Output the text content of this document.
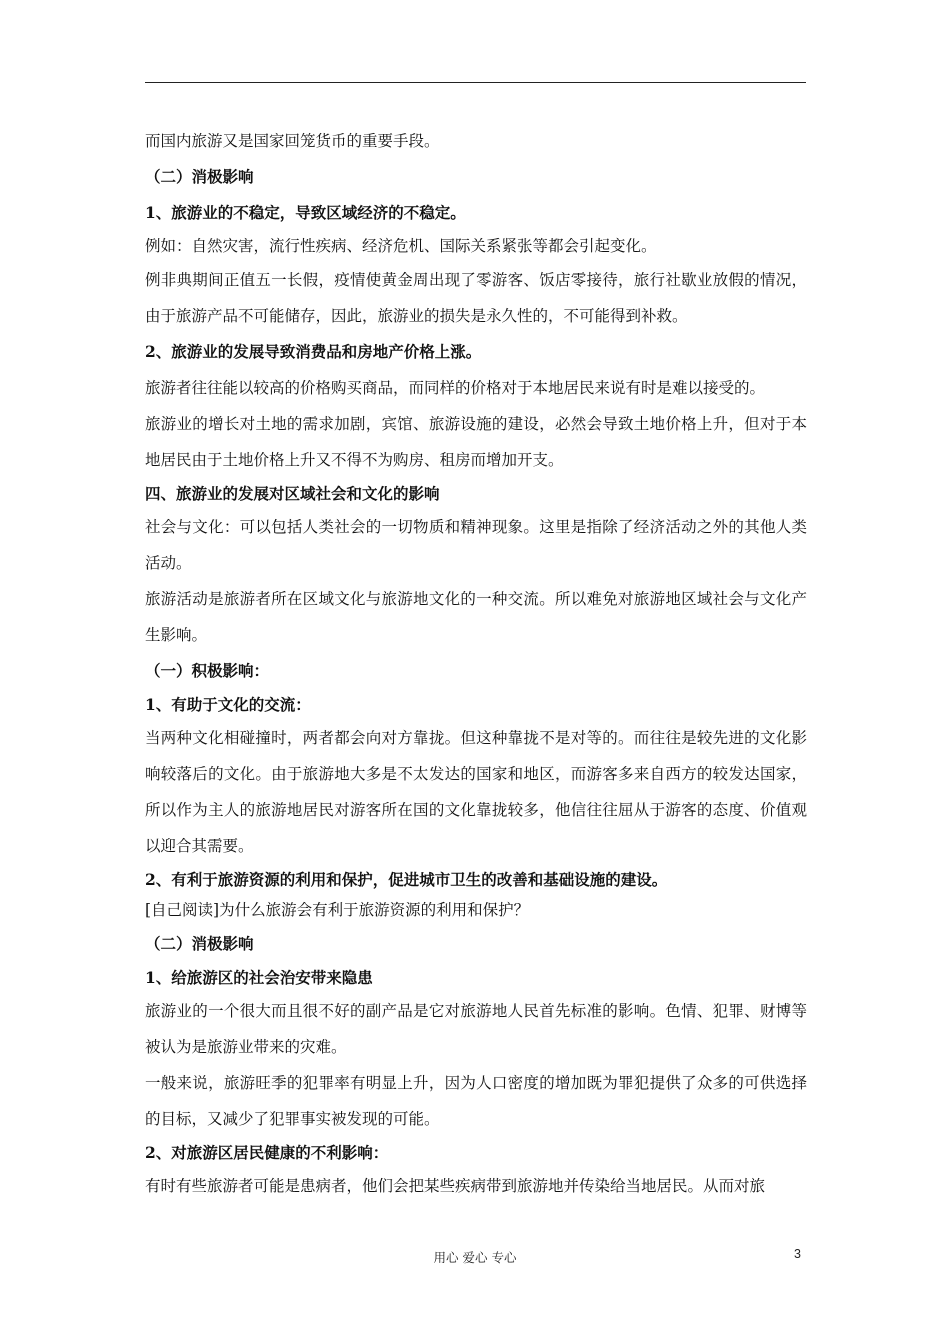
而国内旅游又是国家回笼货币的重要手段。

（二）消极影响

1、旅游业的不稳定，导致区域经济的不稳定。

例如：自然灾害，流行性疾病、经济危机、国际关系紧张等都会引起变化。

例非典期间正值五一长假，疫情使黄金周出现了零游客、饭店零接待，旅行社歇业放假的情况，由于旅游产品不可能储存，因此，旅游业的损失是永久性的，不可能得到补救。

2、旅游业的发展导致消费品和房地产价格上涨。

旅游者往往能以较高的价格购买商品，而同样的价格对于本地居民来说有时是难以接受的。

旅游业的增长对土地的需求加剧，宾馆、旅游设施的建设，必然会导致土地价格上升，但对于本地居民由于土地价格上升又不得不为购房、租房而增加开支。

四、旅游业的发展对区域社会和文化的影响

社会与文化：可以包括人类社会的一切物质和精神现象。这里是指除了经济活动之外的其他人类活动。

旅游活动是旅游者所在区域文化与旅游地文化的一种交流。所以难免对旅游地区域社会与文化产生影响。

（一）积极影响：

1、有助于文化的交流：

当两种文化相碰撞时，两者都会向对方靠拢。但这种靠拢不是对等的。而往往是较先进的文化影响较落后的文化。由于旅游地大多是不太发达的国家和地区，而游客多来自西方的较发达国家，所以作为主人的旅游地居民对游客所在国的文化靠拢较多，他信往往屈从于游客的态度、价值观以迎合其需要。

2、有利于旅游资源的利用和保护，促进城市卫生的改善和基础设施的建设。

[自己阅读]为什么旅游会有利于旅游资源的利用和保护？

（二）消极影响

1、给旅游区的社会治安带来隐患

旅游业的一个很大而且很不好的副产品是它对旅游地人民首先标准的影响。色情、犯罪、财博等被认为是旅游业带来的灾难。

一般来说，旅游旺季的犯罪率有明显上升，因为人口密度的增加既为罪犯提供了众多的可供选择的目标，又减少了犯罪事实被发现的可能。

2、对旅游区居民健康的不利影响：

有时有些旅游者可能是患病者，他们会把某些疾病带到旅游地并传染给当地居民。从而对旅

用心 爱心 专心	3
